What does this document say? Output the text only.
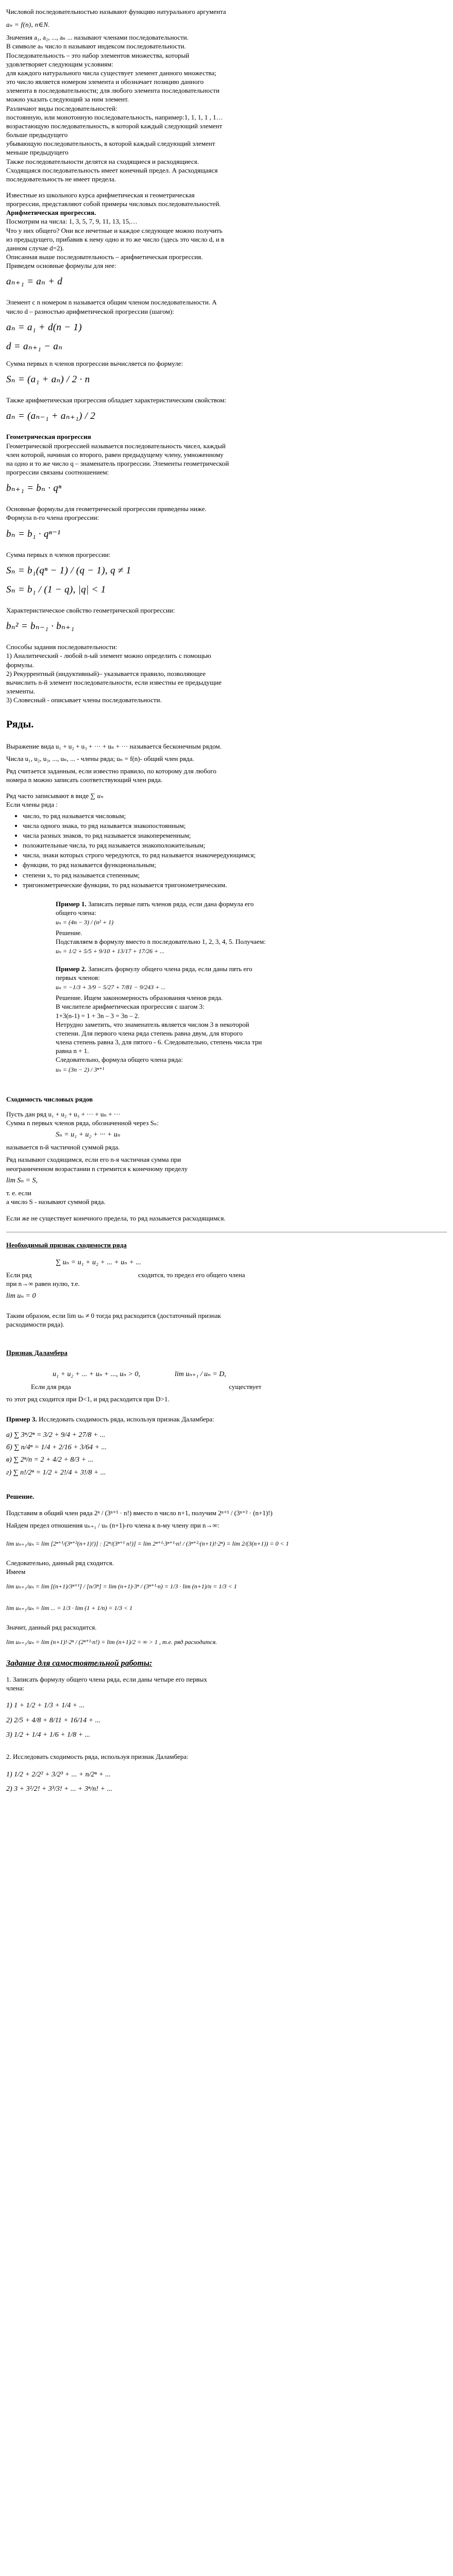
Числовой последовательностью называют функцию натурального аргумента

aₙ = f(n), n∈N.

Значения a₁, a₂, ..., aₙ ... называют членами последовательности.

В символе aₙ число n называют индексом последовательности.

Последовательность – это набор элементов множества, который

удовлетворяет следующим условиям:

для каждого натурального числа существует элемент данного множества;

это число является номером элемента и обозначает позицию данного

элемента в последовательности; для любого элемента последовательности

можно указать следующий за ним элемент.

Различают виды последовательностей:

постоянную, или монотонную последовательность, например:1, 1, 1, 1 , 1…

возрастающую последовательность, в которой каждый следующий элемент

больше предыдущего

убывающую последовательность, в которой каждый следующий элемент

меньше предыдущего

Также последовательности делятся на сходящиеся и расходящиеся.

Сходящаяся последовательность имеет конечный предел. А расходящаяся

последовательность не имеет предела.

Известные из школьного курса арифметическая и геометрическая

прогрессии, представляют собой примеры числовых последовательностей.

Арифметическая прогрессия.

Посмотрим на числа: 1, 3, 5, 7, 9, 11, 13, 15,…

Что у них общего? Они все нечетные и каждое следующее можно получить

из предыдущего, прибавив к нему одно и то же число (здесь это число d, и в

данном случае d=2).

Описанная выше последовательность – арифметическая прогрессия.

Приведем основные формулы для нее:

aₙ₊₁ = aₙ + d

Элемент с n номером n называется общим членом последовательности. А

число d – разностью арифметической прогрессии (шагом):

aₙ = a₁ + d(n − 1)

d = aₙ₊₁ − aₙ

Сумма первых n членов прогрессии вычисляется по формуле:

Sₙ = (a₁ + aₙ) / 2 · n

Также арифметическая прогрессия обладает характеристическим свойством:

aₙ = (aₙ₋₁ + aₙ₊₁) / 2

Геометрическая прогрессия

Геометрической прогрессией называется последовательность чисел, каждый

член которой, начиная со второго, равен предыдущему члену, умноженному

на одно и то же число q – знаменатель прогрессии. Элементы геометрической

прогрессии связаны соотношением:

bₙ₊₁ = bₙ · qⁿ

Основные формулы для геометрической прогрессии приведены ниже.

Формула n-го члена прогрессии:

bₙ = b₁ · qⁿ⁻¹

Сумма первых n членов прогрессии:

Sₙ = b₁(qⁿ − 1) / (q − 1), q ≠ 1

Sₙ = b₁ / (1 − q), |q| < 1

Характеристическое свойство геометрической прогрессии:

bₙ² = bₙ₋₁ · bₙ₊₁

Способы задания последовательности:

1) Аналитический - любой n-ый элемент можно определить с помощью

формулы.

2) Рекуррентный (индуктивный)– указывается правило, позволяющее

вычислить n-й элемент последовательности, если известны ее предыдущие

элементы.

3) Словесный - описывает члены последовательности.

Ряды.

Выражение вида u₁ + u₂ + u₃ + ··· + uₙ + ··· называется бесконечным рядом.

Числа u₁, u₂, u₃, ..., uₙ, ... - члены ряда; uₙ = f(n)- общий член ряда.

Ряд считается заданным, если известно правило, по которому для любого

номера n можно записать соответствующий член ряда.

Ряд часто записывают в виде ∑ uₙ

Если члены ряда :

• число, то ряд называется числовым;
• числа одного знака, то ряд называется знакопостоянным;
• числа разных знаков, то ряд называется знакопеременным;
• положительные числа, то ряд называется знакоположительным;
• числа, знаки которых строго чередуются, то ряд называется знакочередующимся;
• функции, то ряд называется функциональным;
• степени x, то ряд называется степенным;
• тригонометрические функции, то ряд называется тригонометрическим.

Пример 1. Записать первые пять членов ряда, если дана формула его

общего члена:

uₙ = (4n − 3) / (n² + 1)

Решение.

Подставляем в формулу вместо n последовательно 1, 2, 3, 4, 5. Получаем:

uₙ = 1/2 + 5/5 + 9/10 + 13/17 + 17/26 + ...

Пример 2. Записать формулу общего члена ряда, если даны пять его

первых членов:

uₙ = −1/3 + 3/9 − 5/27 + 7/81 − 9/243 + ...

Решение. Ищем закономерность образования членов ряда.

В числителе арифметическая прогрессия с шагом 3:

1+3(n-1) = 1 + 3n – 3 = 3n – 2.

Нетрудно заметить, что знаменатель является числом 3 в некоторой

степени. Для первого члена ряда степень равна двум, для второго

члена степень равна 3, для пятого - 6. Следовательно, степень числа три

равна n + 1.

Следовательно, формула общего члена ряда:

uₙ = (3n − 2) / 3ⁿ⁺¹

Сходимость числовых рядов

Пусть дан ряд u₁ + u₂ + u₃ + ··· + uₙ + ···

Сумма n первых членов ряда, обозначенной через Sₙ:

Sₙ = u₁ + u₂ + ··· + uₙ

называется n-й частичной суммой ряда.

Ряд называют сходящимся, если его n-я частичная сумма при

неограниченном возрастании n стремится к конечному пределу

lim Sₙ = S,

т. е. если

а число S - называют суммой ряда.

Если же не существует конечного предела, то ряд называется расходящимся.

Необходимый признак сходимости ряда

∑ uₙ = u₁ + u₂ + ... + uₙ + ...

Если ряд	сходится, то предел его общего члена

при n→∞ равен нулю, т.е.

lim uₙ = 0

Таким образом, если lim uₙ ≠ 0 тогда ряд расходится (достаточный признак

расходимости ряда).

Признак Даламбера

u₁ + u₂ + ... + uₙ + ..., uₙ > 0,	lim uₙ₊₁ / uₙ = D,

Если для ряда	существует

то этот ряд сходится при D<1, и ряд расходится при D>1.

Пример 3. Исследовать сходимость ряда, используя признак Даламбера:

a) ∑ 3ⁿ/2ⁿ = 3/2 + 9/4 + 27/8 + ...

б) ∑ n/4ⁿ = 1/4 + 2/16 + 3/64 + ...

в) ∑ 2ⁿ/n = 2 + 4/2 + 8/3 + ...

г) ∑ n!/2ⁿ = 1/2 + 2!/4 + 3!/8 + ...

Решение.

Подставим в общий член ряда 2ⁿ / (3ⁿ⁺¹ · n!) вместо n число n+1, получим 2ⁿ⁺¹ / (3ⁿ⁺² · (n+1)!)

Найдем предел отношения uₙ₊₁ / uₙ (n+1)-го члена к n-му члену при n→∞:

lim uₙ₊₁/uₙ = lim [2ⁿ⁺¹/(3ⁿ⁺²(n+1)!)] : [2ⁿ/(3ⁿ⁺¹ n!)] = lim 2ⁿ⁺¹·3ⁿ⁺¹·n! / (3ⁿ⁺²·(n+1)!·2ⁿ) = lim 2/(3(n+1)) = 0 < 1

Следовательно, данный ряд сходится.

Имеем

lim uₙ₊₁/uₙ = lim [(n+1)/3ⁿ⁺¹] / [n/3ⁿ] = lim (n+1)·3ⁿ / (3ⁿ⁺¹·n) = 1/3 · lim (n+1)/n = 1/3 < 1

lim uₙ₊₁/uₙ = lim ... = 1/3 · lim (1 + 1/n) = 1/3 < 1

Значит, данный ряд расходится.

lim uₙ₊₁/uₙ = lim (n+1)!·2ⁿ / (2ⁿ⁺¹·n!) = lim (n+1)/2 = ∞ > 1 , т.е. ряд расходится.

Задание для самостоятельной работы:

1. Записать формулу общего члена ряда, если даны четыре его первых

члена:

1) 1 + 1/2 + 1/3 + 1/4 + ...
2) 2/5 + 4/8 + 8/11 + 16/14 + ...
3) 1/2 + 1/4 + 1/6 + 1/8 + ...

2. Исследовать сходимость ряда, используя признак Даламбера:

1) 1/2 + 2/2² + 3/2³ + ... + n/2ⁿ + ...
2) 3 + 3²/2! + 3³/3! + ... + 3ⁿ/n! + ...
